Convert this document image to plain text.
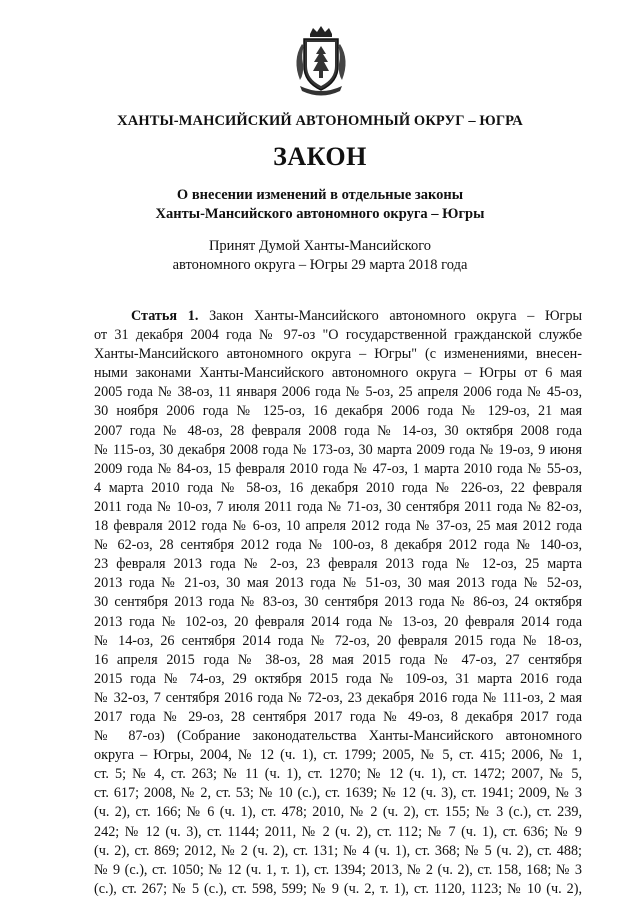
ХАНТЫ-МАНСИЙСКИЙ АВТОНОМНЫЙ ОКРУГ – ЮГРА
ЗАКОН
О внесении изменений в отдельные законы
Ханты-Мансийского автономного округа – Югры
Принят Думой Ханты-Мансийского
автономного округа – Югры 29 марта 2018 года
Статья 1. Закон Ханты-Мансийского автономного округа – Югры
от 31 декабря 2004 года № 97-оз "О государственной гражданской службе
Ханты-Мансийского автономного округа – Югры" (с изменениями, внесен-
ными законами Ханты-Мансийского автономного округа – Югры от 6 мая
2005 года № 38-оз, 11 января 2006 года № 5-оз, 25 апреля 2006 года № 45-оз,
30 ноября 2006 года № 125-оз, 16 декабря 2006 года № 129-оз, 21 мая
2007 года № 48-оз, 28 февраля 2008 года № 14-оз, 30 октября 2008 года
№ 115-оз, 30 декабря 2008 года № 173-оз, 30 марта 2009 года № 19-оз, 9 июня
2009 года № 84-оз, 15 февраля 2010 года № 47-оз, 1 марта 2010 года № 55-оз,
4 марта 2010 года № 58-оз, 16 декабря 2010 года № 226-оз, 22 февраля
2011 года № 10-оз, 7 июля 2011 года № 71-оз, 30 сентября 2011 года № 82-оз,
18 февраля 2012 года № 6-оз, 10 апреля 2012 года № 37-оз, 25 мая 2012 года
№ 62-оз, 28 сентября 2012 года № 100-оз, 8 декабря 2012 года № 140-оз,
23 февраля 2013 года № 2-оз, 23 февраля 2013 года № 12-оз, 25 марта
2013 года № 21-оз, 30 мая 2013 года № 51-оз, 30 мая 2013 года № 52-оз,
30 сентября 2013 года № 83-оз, 30 сентября 2013 года № 86-оз, 24 октября
2013 года № 102-оз, 20 февраля 2014 года № 13-оз, 20 февраля 2014 года
№ 14-оз, 26 сентября 2014 года № 72-оз, 20 февраля 2015 года № 18-оз,
16 апреля 2015 года № 38-оз, 28 мая 2015 года № 47-оз, 27 сентября
2015 года № 74-оз, 29 октября 2015 года № 109-оз, 31 марта 2016 года
№ 32-оз, 7 сентября 2016 года № 72-оз, 23 декабря 2016 года № 111-оз, 2 мая
2017 года № 29-оз, 28 сентября 2017 года № 49-оз, 8 декабря 2017 года
№ 87-оз) (Собрание законодательства Ханты-Мансийского автономного
округа – Югры, 2004, № 12 (ч. 1), ст. 1799; 2005, № 5, ст. 415; 2006, № 1,
ст. 5; № 4, ст. 263; № 11 (ч. 1), ст. 1270; № 12 (ч. 1), ст. 1472; 2007, № 5,
ст. 617; 2008, № 2, ст. 53; № 10 (с.), ст. 1639; № 12 (ч. 3), ст. 1941; 2009, № 3
(ч. 2), ст. 166; № 6 (ч. 1), ст. 478; 2010, № 2 (ч. 2), ст. 155; № 3 (с.), ст. 239,
242; № 12 (ч. 3), ст. 1144; 2011, № 2 (ч. 2), ст. 112; № 7 (ч. 1), ст. 636; № 9
(ч. 2), ст. 869; 2012, № 2 (ч. 2), ст. 131; № 4 (ч. 1), ст. 368; № 5 (ч. 2), ст. 488;
№ 9 (с.), ст. 1050; № 12 (ч. 1, т. 1), ст. 1394; 2013, № 2 (ч. 2), ст. 158, 168; № 3
(с.), ст. 267; № 5 (с.), ст. 598, 599; № 9 (ч. 2, т. 1), ст. 1120, 1123; № 10 (ч. 2),
